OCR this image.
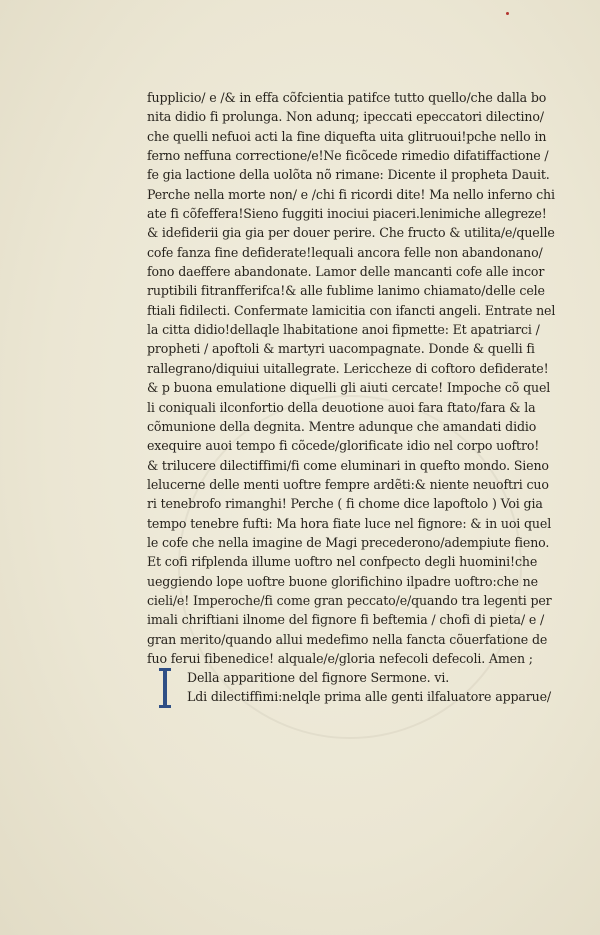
fupplicio/ e /& in effa cõfcientia patifce tutto quello/che dalla bo
nita didio fi prolunga. Non adunq; ipeccati epeccatori dilectino/
che quelli nefuoi acti la fine diquefta uita glitruoui!pche nello in
ferno neffuna correctione/e!Ne ficõcede rimedio difatiffactione /
fe gia lactione della uolõta nõ rimane: Dicente il propheta Dauit.
Perche nella morte non/ e /chi fi ricordi dite! Ma nello inferno chi
ate fi cõfeffera!Sieno fuggiti inociui piaceri.lenimiche allegreze!
& idefiderii gia gia per douer perire. Che fructo & utilita/e/quelle
cofe fanza fine defiderate!lequali ancora felle non abandonano/
fono daeffere abandonate. Lamor delle mancanti cofe alle incor
ruptibili fitranfferifca!& alle fublime lanimo chiamato/delle cele
ftiali fidilecti. Confermate lamicitia con ifancti angeli. Entrate nel
la citta didio!dellaqle lhabitatione anoi fipmette: Et apatriarci /
propheti / apoftoli & martyri uacompagnate. Donde & quelli fi
rallegrano/diquiui uitallegrate. Lericcheze di coftoro defiderate!
& p buona emulatione diquelli gli aiuti cercate! Impoche cõ quel
li coniquali ilconfortio della deuotione auoi fara ftato/fara & la
cõmunione della degnita. Mentre adunque che amandati didio
exequire auoi tempo fi cõcede/glorificate idio nel corpo uoftro!
& trilucere dilectiffimi/fi come eluminari in quefto mondo. Sieno
lelucerne delle menti uoftre fempre ardẽti:& niente neuoftri cuo
ri tenebrofo rimanghi! Perche ( fi chome dice lapoftolo ) Voi gia
tempo tenebre fufti: Ma hora fiate luce nel fignore: & in uoi quel
le cofe che nella imagine de Magi precederono/adempiute fieno.
Et cofi rifplenda illume uoftro nel confpecto degli huomini!che
ueggiendo lope uoftre buone glorifichino ilpadre uoftro:che ne
cieli/e! Imperoche/fi come gran peccato/e/quando tra legenti per
imali chriftiani ilnome del fignore fi beftemia / chofi di pieta/ e /
gran merito/quando allui medefimo nella fancta cõuerfatione de
fuo ferui fibenedice! alquale/e/gloria nefecoli defecoli. Amen ;
Della apparitione del fignore Sermone. vi.
Ldi dilectiffimi:nelqle prima alle genti ilfaluatore apparue/
